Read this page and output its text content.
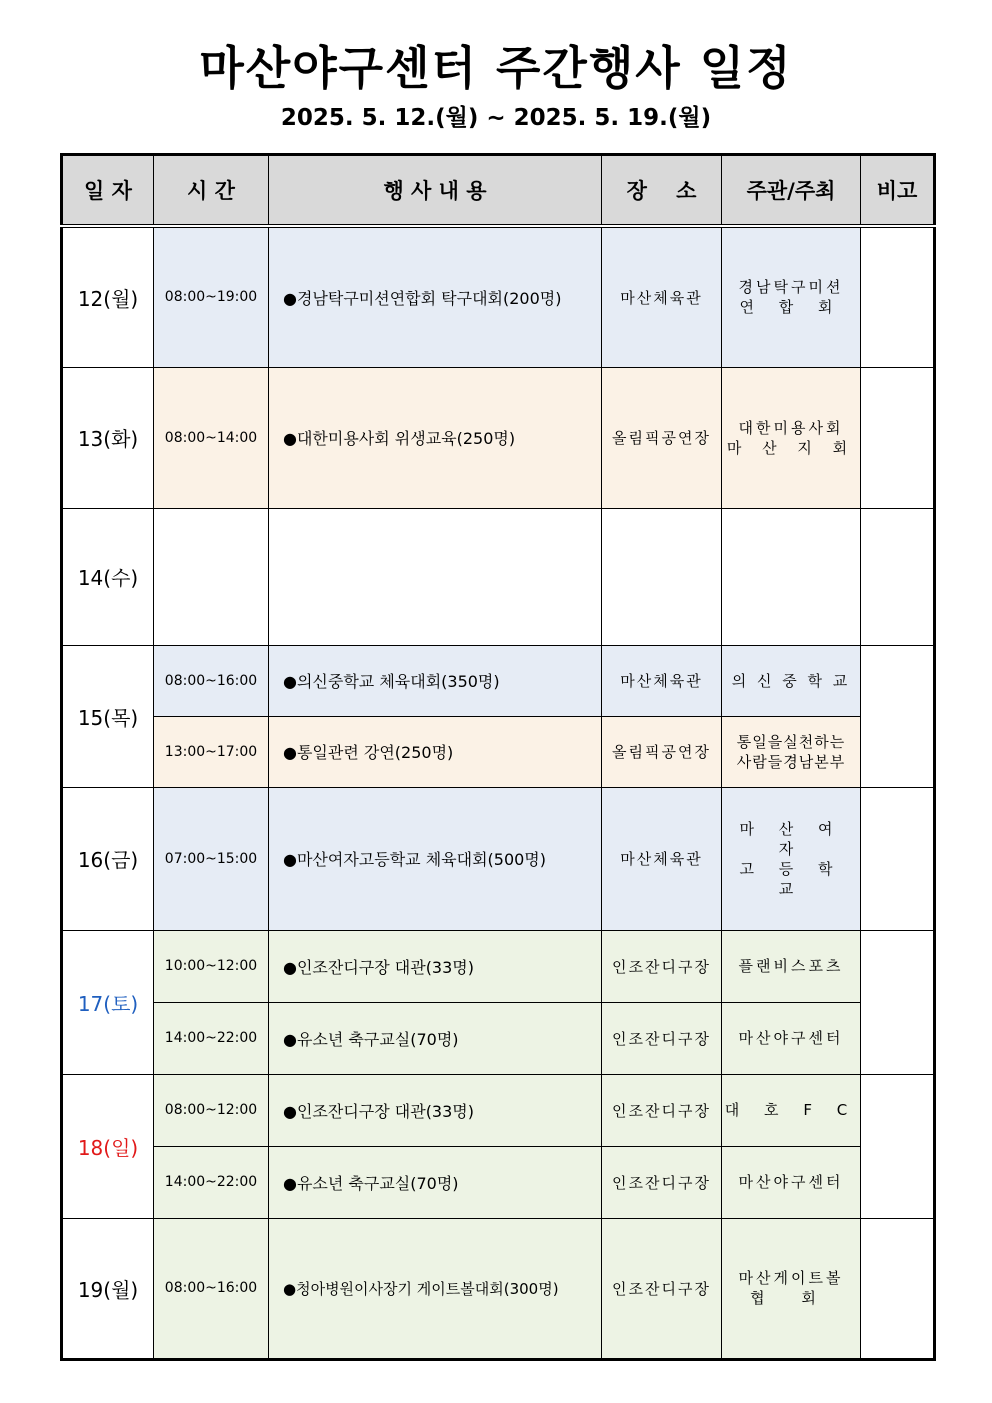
마산야구센터 주간행사 일정
2025. 5. 12.(월) ~ 2025. 5. 19.(월)
일 자	시 간	행 사 내 용	장    소	주관/주최	비고
12(월)	08:00~19:00	●경남탁구미션연합회 탁구대회(200명)	마산체육관	경남탁구미션
연 합 회	

13(화)	08:00~14:00	●대한미용사회 위생교육(250명)	올림픽공연장	대한미용사회
마 산 지 회	

14(수)					
15(목)	08:00~16:00	●의신중학교 체육대회(350명)	마산체육관	의 신 중 학 교	
	13:00~17:00	●통일관련 강연(250명)	올림픽공연장	통일을실천하는
사람들경남본부	

16(금)	07:00~15:00	●마산여자고등학교 체육대회(500명)	마산체육관	마 산 여 자
고 등 학 교	

17(토)	10:00~12:00	●인조잔디구장 대관(33명)	인조잔디구장	플랜비스포츠	
	14:00~22:00	●유소년 축구교실(70명)	인조잔디구장	마산야구센터	
18(일)	08:00~12:00	●인조잔디구장 대관(33명)	인조잔디구장	대 호 F C	
	14:00~22:00	●유소년 축구교실(70명)	인조잔디구장	마산야구센터	
19(월)	08:00~16:00	●청아병원이사장기 게이트볼대회(300명)	인조잔디구장	마산게이트볼
협 회	
